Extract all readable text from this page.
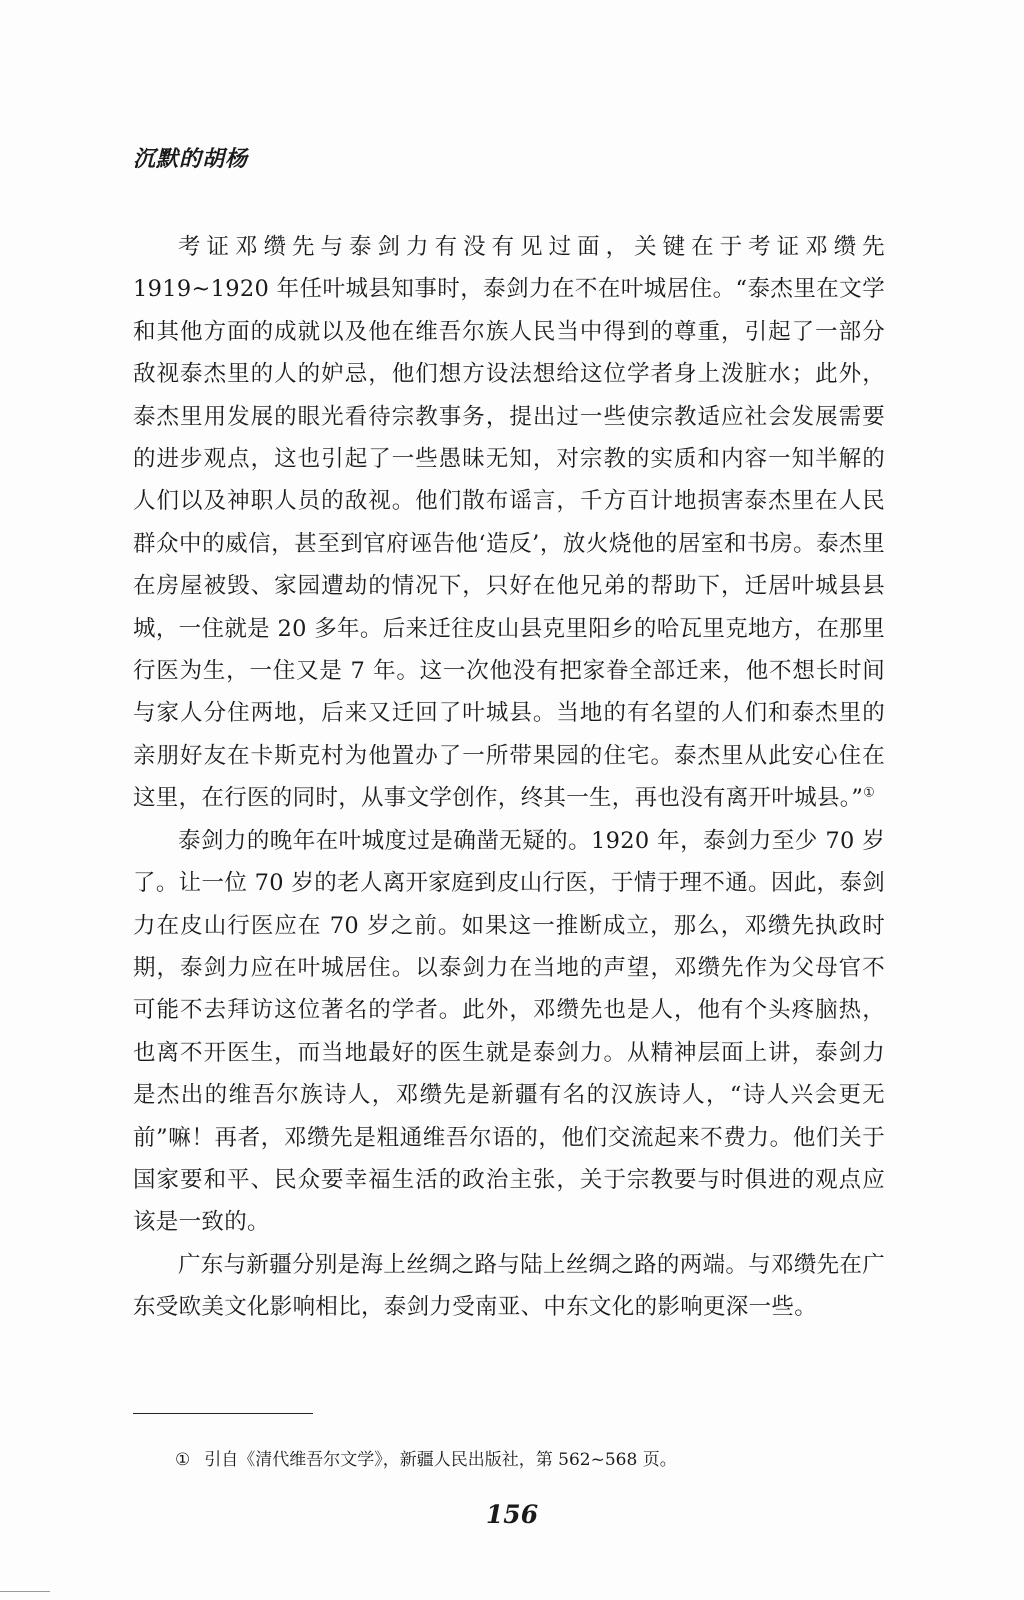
沉默的胡杨

考证邓缵先与泰剑力有没有见过面，关键在于考证邓缵先 1919~1920 年任叶城县知事时，泰剑力在不在叶城居住。“泰杰里在文学和其他方面的成就以及他在维吾尔族人民当中得到的尊重，引起了一部分敌视泰杰里的人的妒忌，他们想方设法想给这位学者身上泼脏水；此外，泰杰里用发展的眼光看待宗教事务，提出过一些使宗教适应社会发展需要的进步观点，这也引起了一些愚昧无知，对宗教的实质和内容一知半解的人们以及神职人员的敌视。他们散布谣言，千方百计地损害泰杰里在人民群众中的威信，甚至到官府诬告他‘造反’，放火烧他的居室和书房。泰杰里在房屋被毁、家园遭劫的情况下，只好在他兄弟的帮助下，迁居叶城县县城，一住就是 20 多年。后来迁往皮山县克里阳乡的哈瓦里克地方，在那里行医为生，一住又是 7 年。这一次他没有把家眷全部迁来，他不想长时间与家人分住两地，后来又迁回了叶城县。当地的有名望的人们和泰杰里的亲朋好友在卡斯克村为他置办了一所带果园的住宅。泰杰里从此安心住在这里，在行医的同时，从事文学创作，终其一生，再也没有离开叶城县。”①

泰剑力的晚年在叶城度过是确凿无疑的。1920 年，泰剑力至少 70 岁了。让一位 70 岁的老人离开家庭到皮山行医，于情于理不通。因此，泰剑力在皮山行医应在 70 岁之前。如果这一推断成立，那么，邓缵先执政时期，泰剑力应在叶城居住。以泰剑力在当地的声望，邓缵先作为父母官不可能不去拜访这位著名的学者。此外，邓缵先也是人，他有个头疼脑热，也离不开医生，而当地最好的医生就是泰剑力。从精神层面上讲，泰剑力是杰出的维吾尔族诗人，邓缵先是新疆有名的汉族诗人，“诗人兴会更无前”嘛！再者，邓缵先是粗通维吾尔语的，他们交流起来不费力。他们关于国家要和平、民众要幸福生活的政治主张，关于宗教要与时俱进的观点应该是一致的。

广东与新疆分别是海上丝绸之路与陆上丝绸之路的两端。与邓缵先在广东受欧美文化影响相比，泰剑力受南亚、中东文化的影响更深一些。

① 引自《清代维吾尔文学》，新疆人民出版社，第 562~568 页。
156
